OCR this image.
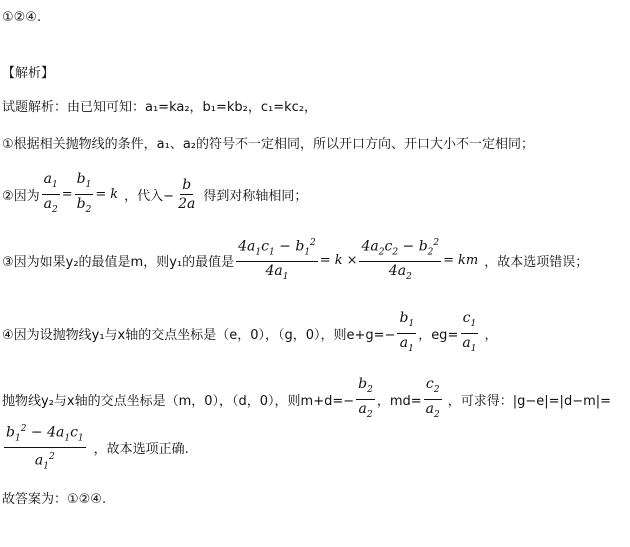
①②④.
【解析】
试题解析：由已知可知：a₁=ka₂，b₁=kb₂，c₁=kc₂，
①根据相关抛物线的条件，a₁、a₂的符号不一定相同，所以开口方向、开口大小不一定相同；
②因为 $\frac{a_1}{a_2} = \frac{b_1}{b_2} = k$ ，代入− $\frac{b}{2a}$ 得到对称轴相同；
③因为如果y₂的最值是m，则y₁的最值是 $\frac{4a_1c_1 - b_1^2}{4a_1} = k \times \frac{4a_2c_2 - b_2^2}{4a_2}$ = km ，故本选项错误；
④因为设抛物线y₁与x轴的交点坐标是（e，0），（g，0），则$e+g=- \frac{b_1}{a_1}$ ，$eg= \frac{c_1}{a_1}$ ，
抛物线y₂与x轴的交点坐标是（m，0），（d，0），则$m+d=- \frac{b_2}{a_2}$ ，$md= \frac{c_2}{a_2}$ ，可求得：|g−e|=|d−m|=
$\frac{b_1^2 - 4a_1c_1}{a_1^2}$ ，故本选项正确.
故答案为：①②④.
